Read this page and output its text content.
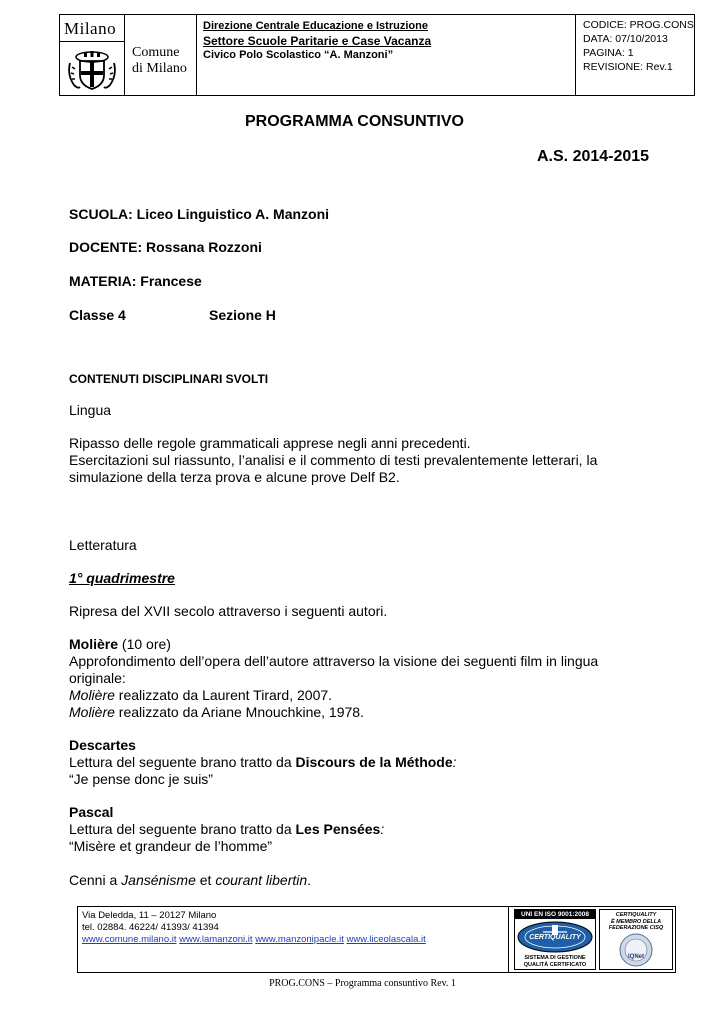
Milano
Comune
di Milano
Direzione Centrale Educazione e Istruzione
Settore Scuole Paritarie e Case Vacanza
Civico Polo Scolastico “A. Manzoni”
CODICE: PROG.CONS
DATA: 07/10/2013
PAGINA: 1
REVISIONE: Rev.1
PROGRAMMA CONSUNTIVO
A.S. 2014-2015
SCUOLA: Liceo Linguistico A. Manzoni
DOCENTE: Rossana Rozzoni
MATERIA: Francese
Classe 4	Sezione H
CONTENUTI DISCIPLINARI SVOLTI
Lingua
Ripasso delle regole grammaticali apprese negli anni precedenti.
Esercitazioni sul riassunto, l’analisi e il commento di testi prevalentemente letterari, la
simulazione della terza prova e alcune prove Delf B2.
Letteratura
1° quadrimestre
Ripresa del XVII secolo attraverso i seguenti autori.
Molière (10 ore)
Approfondimento dell’opera dell’autore attraverso la visione dei seguenti film in lingua
originale:
Molière realizzato da Laurent Tirard, 2007.
Molière realizzato da Ariane Mnouchkine, 1978.
Descartes
Lettura del seguente brano tratto da Discours de la Méthode:
“Je pense donc je suis”
Pascal
Lettura del seguente brano tratto da Les Pensées:
“Misère et grandeur de l’homme”
Cenni a Jansénisme et courant libertin.
Via Deledda, 11 – 20127 Milano
tel. 02884. 46224/ 41393/ 41394
www.comune.milano.it www.lamanzoni.it www.manzonipacle.it www.liceolascala.it
UNI EN ISO 9001:2008
CERTIQUALITY
SISTEMA DI GESTIONE
QUALITÀ CERTIFICATO
CERTIQUALITY
È MEMBRO DELLA
FEDERAZIONE CISQ
IQNet
PROG.CONS – Programma consuntivo Rev. 1
